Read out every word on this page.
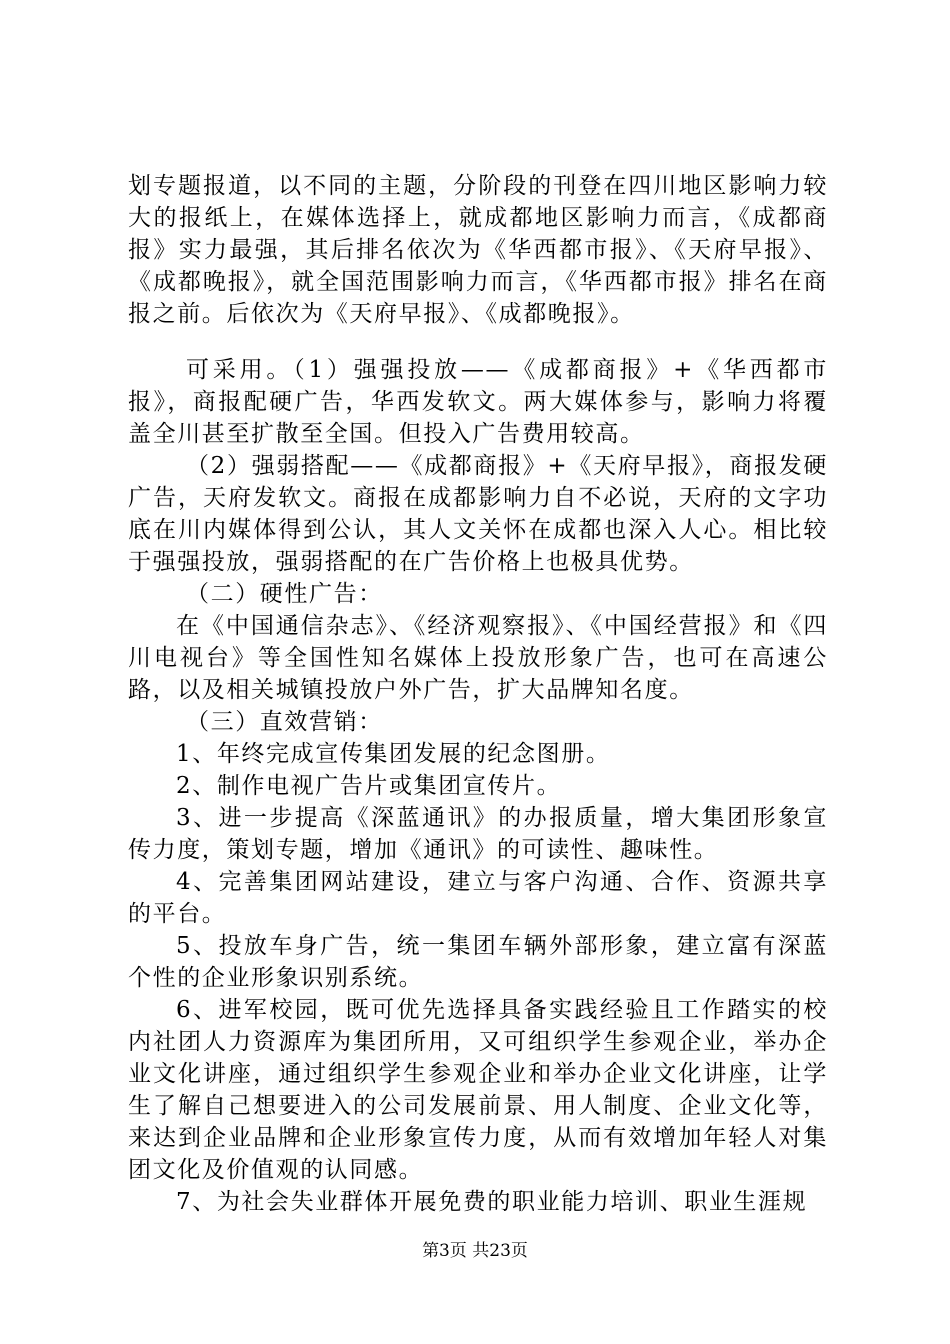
划专题报道，以不同的主题，分阶段的刊登在四川地区影响力较大的报纸上，在媒体选择上，就成都地区影响力而言，《成都商报》实力最强，其后排名依次为《华西都市报》、《天府早报》、《成都晚报》，就全国范围影响力而言，《华西都市报》排名在商报之前。后依次为《天府早报》、《成都晚报》。

可采用。（1）强强投放——《成都商报》+《华西都市报》，商报配硬广告，华西发软文。两大媒体参与，影响力将覆盖全川甚至扩散至全国。但投入广告费用较高。

（2）强弱搭配——《成都商报》+《天府早报》，商报发硬广告，天府发软文。商报在成都影响力自不必说，天府的文字功底在川内媒体得到公认，其人文关怀在成都也深入人心。相比较于强强投放，强弱搭配的在广告价格上也极具优势。

（二）硬性广告：

在《中国通信杂志》、《经济观察报》、《中国经营报》和《四川电视台》等全国性知名媒体上投放形象广告，也可在高速公路，以及相关城镇投放户外广告，扩大品牌知名度。

（三）直效营销：

1、年终完成宣传集团发展的纪念图册。

2、制作电视广告片或集团宣传片。

3、进一步提高《深蓝通讯》的办报质量，增大集团形象宣传力度，策划专题，增加《通讯》的可读性、趣味性。

4、完善集团网站建设，建立与客户沟通、合作、资源共享的平台。

5、投放车身广告，统一集团车辆外部形象，建立富有深蓝个性的企业形象识别系统。

6、进军校园，既可优先选择具备实践经验且工作踏实的校内社团人力资源库为集团所用，又可组织学生参观企业，举办企业文化讲座，通过组织学生参观企业和举办企业文化讲座，让学生了解自己想要进入的公司发展前景、用人制度、企业文化等，来达到企业品牌和企业形象宣传力度，从而有效增加年轻人对集团文化及价值观的认同感。

7、为社会失业群体开展免费的职业能力培训、职业生涯规

第3页 共23页
